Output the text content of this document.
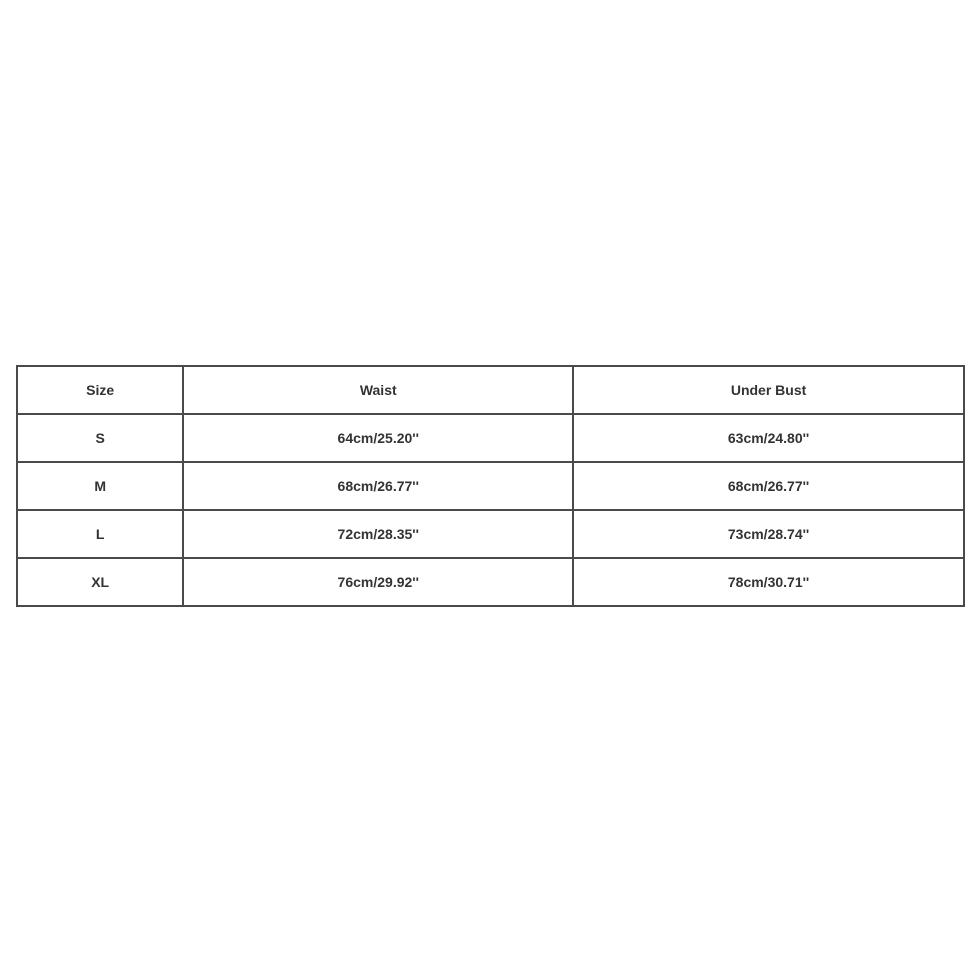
Size	Waist	Under Bust
S	64cm/25.20''	63cm/24.80''
M	68cm/26.77''	68cm/26.77''
L	72cm/28.35''	73cm/28.74''
XL	76cm/29.92''	78cm/30.71''
